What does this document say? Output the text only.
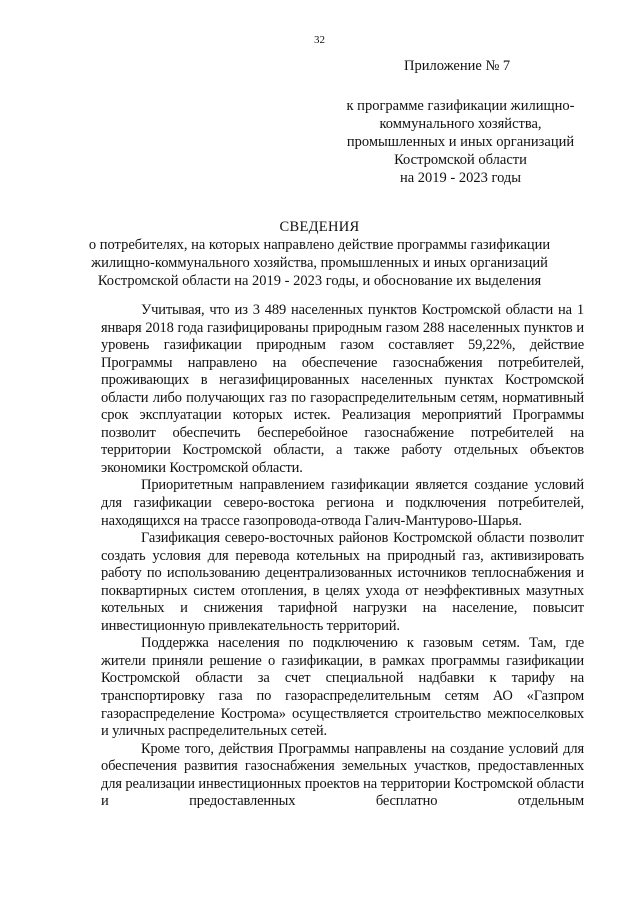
32
Приложение № 7
к программе газификации жилищно-
коммунального хозяйства,
промышленных и иных организаций
Костромской области
на 2019 - 2023 годы
СВЕДЕНИЯ
о потребителях, на которых направлено действие программы газификации
жилищно-коммунального хозяйства, промышленных и иных организаций
Костромской области на 2019 - 2023 годы, и обоснование их выделения

Учитывая, что из 3 489 населенных пунктов Костромской области на 1 января 2018 года газифицированы природным газом 288 населенных пунктов и уровень газификации природным газом составляет 59,22%, действие Программы направлено на обеспечение газоснабжения потребителей, проживающих в негазифицированных населенных пунктах Костромской области либо получающих газ по газораспределительным сетям, нормативный срок эксплуатации которых истек. Реализация мероприятий Программы позволит обеспечить бесперебойное газоснабжение потребителей на территории Костромской области, а также работу отдельных объектов экономики Костромской области.

Приоритетным направлением газификации является создание условий для газификации северо-востока региона и подключения потребителей, находящихся на трассе газопровода-отвода Галич-Мантурово-Шарья.

Газификация северо-восточных районов Костромской области позволит создать условия для перевода котельных на природный газ, активизировать работу по использованию децентрализованных источников теплоснабжения и поквартирных систем отопления, в целях ухода от неэффективных мазутных котельных и снижения тарифной нагрузки на население, повысит инвестиционную привлекательность территорий.

Поддержка населения по подключению к газовым сетям. Там, где жители приняли решение о газификации, в рамках программы газификации Костромской области за счет специальной надбавки к тарифу на транспортировку газа по газораспределительным сетям АО «Газпром газораспределение Кострома» осуществляется строительство межпоселковых и уличных распределительных сетей.

Кроме того, действия Программы направлены на создание условий для обеспечения развития газоснабжения земельных участков, предоставленных для реализации инвестиционных проектов на территории Костромской области и предоставленных бесплатно отдельным
